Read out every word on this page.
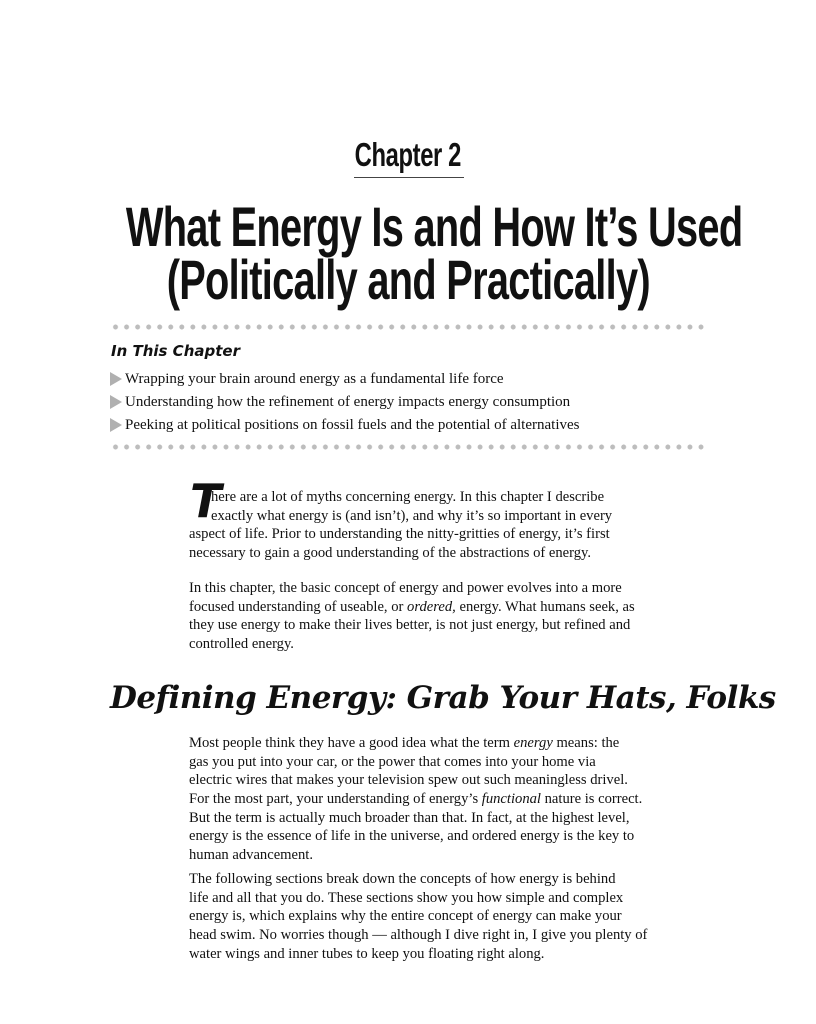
Chapter 2
What Energy Is and How It’s Used
(Politically and Practically)
In This Chapter
Wrapping your brain around energy as a fundamental life force
Understanding how the refinement of energy impacts energy consumption
Peeking at political positions on fossil fuels and the potential of alternatives
T
here are a lot of myths concerning energy. In this chapter I describe
exactly what energy is (and isn’t), and why it’s so important in every
aspect of life. Prior to understanding the nitty-gritties of energy, it’s first
necessary to gain a good understanding of the abstractions of energy.
In this chapter, the basic concept of energy and power evolves into a more
focused understanding of useable, or ordered, energy. What humans seek, as
they use energy to make their lives better, is not just energy, but refined and
controlled energy.
Defining Energy: Grab Your Hats, Folks
Most people think they have a good idea what the term energy means: the
gas you put into your car, or the power that comes into your home via
electric wires that makes your television spew out such meaningless drivel.
For the most part, your understanding of energy’s functional nature is correct.
But the term is actually much broader than that. In fact, at the highest level,
energy is the essence of life in the universe, and ordered energy is the key to
human advancement.
The following sections break down the concepts of how energy is behind
life and all that you do. These sections show you how simple and complex
energy is, which explains why the entire concept of energy can make your
head swim. No worries though — although I dive right in, I give you plenty of
water wings and inner tubes to keep you floating right along.
